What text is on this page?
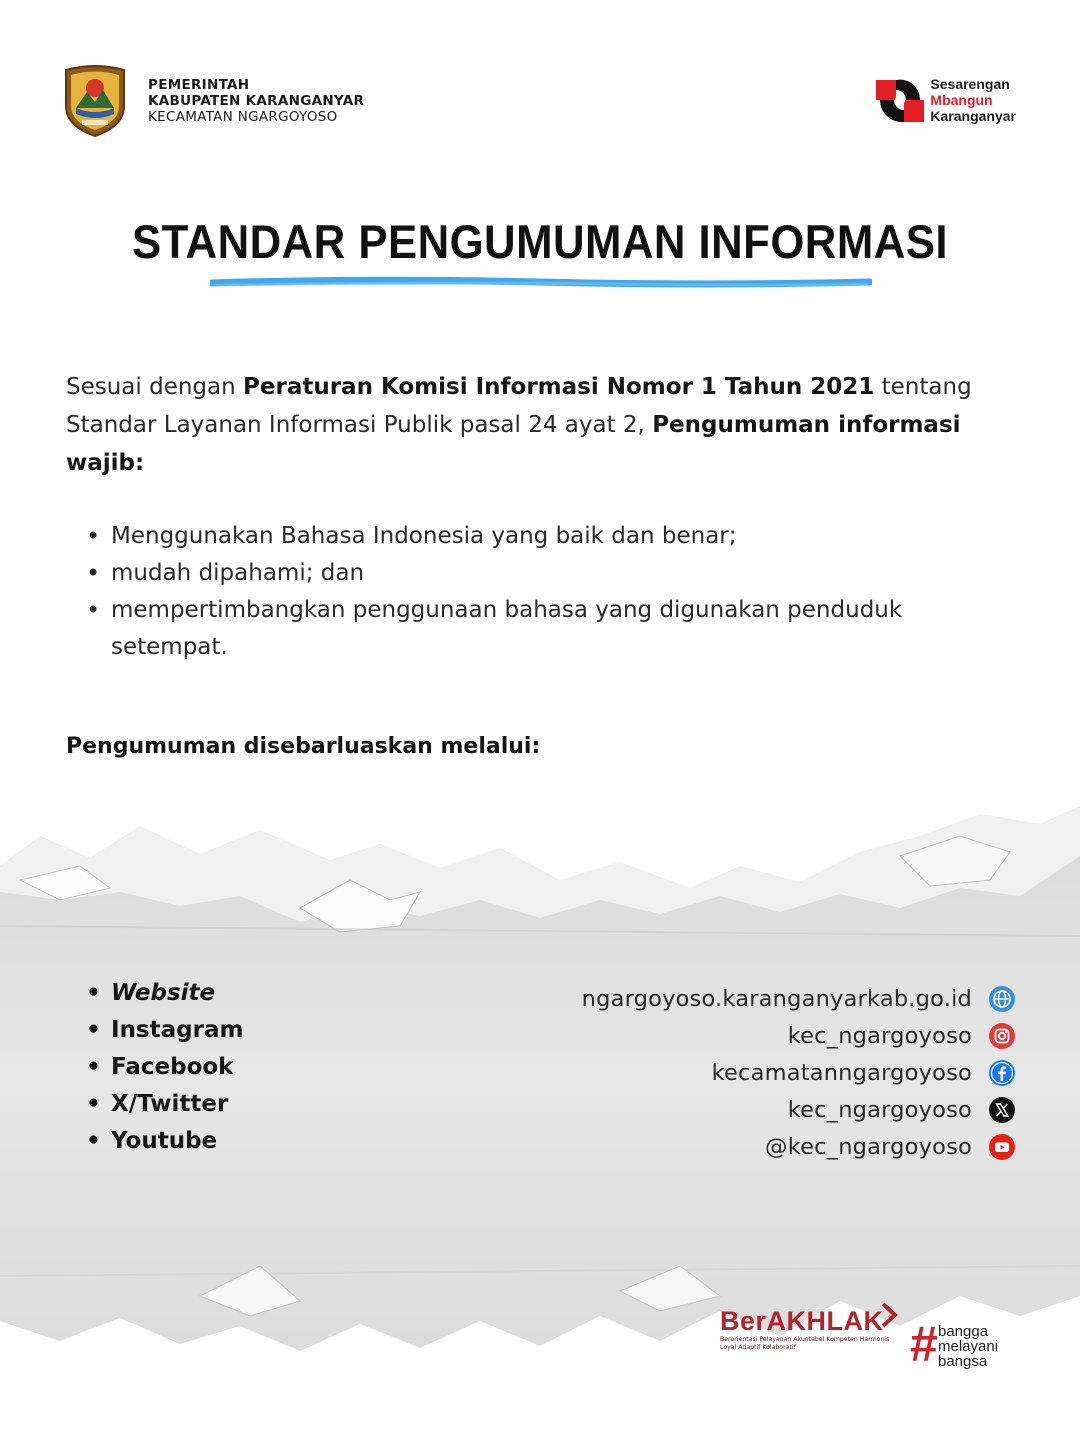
PEMERINTAH
KABUPATEN KARANGANYAR
KECAMATAN NGARGOYOSO
Sesarengan
Mbangun
Karanganyar
STANDAR PENGUMUMAN INFORMASI
Sesuai dengan Peraturan Komisi Informasi Nomor 1 Tahun 2021 tentang Standar Layanan Informasi Publik pasal 24 ayat 2, Pengumuman informasi wajib:
• Menggunakan Bahasa Indonesia yang baik dan benar;
• mudah dipahami; dan
• mempertimbangkan penggunaan bahasa yang digunakan penduduk setempat.
Pengumuman disebarluaskan melalui:
• Website
• Instagram
• Facebook
• X/Twitter
• Youtube
ngargoyoso.karanganyarkab.go.id
kec_ngargoyoso
kecamatanngargoyoso
kec_ngargoyoso
@kec_ngargoyoso
BerAKHLAK
Berorientasi Pelayanan Akuntabel Kompeten Harmonis Loyal Adaptif Kolaboratif	# bangga
melayani
bangsa
